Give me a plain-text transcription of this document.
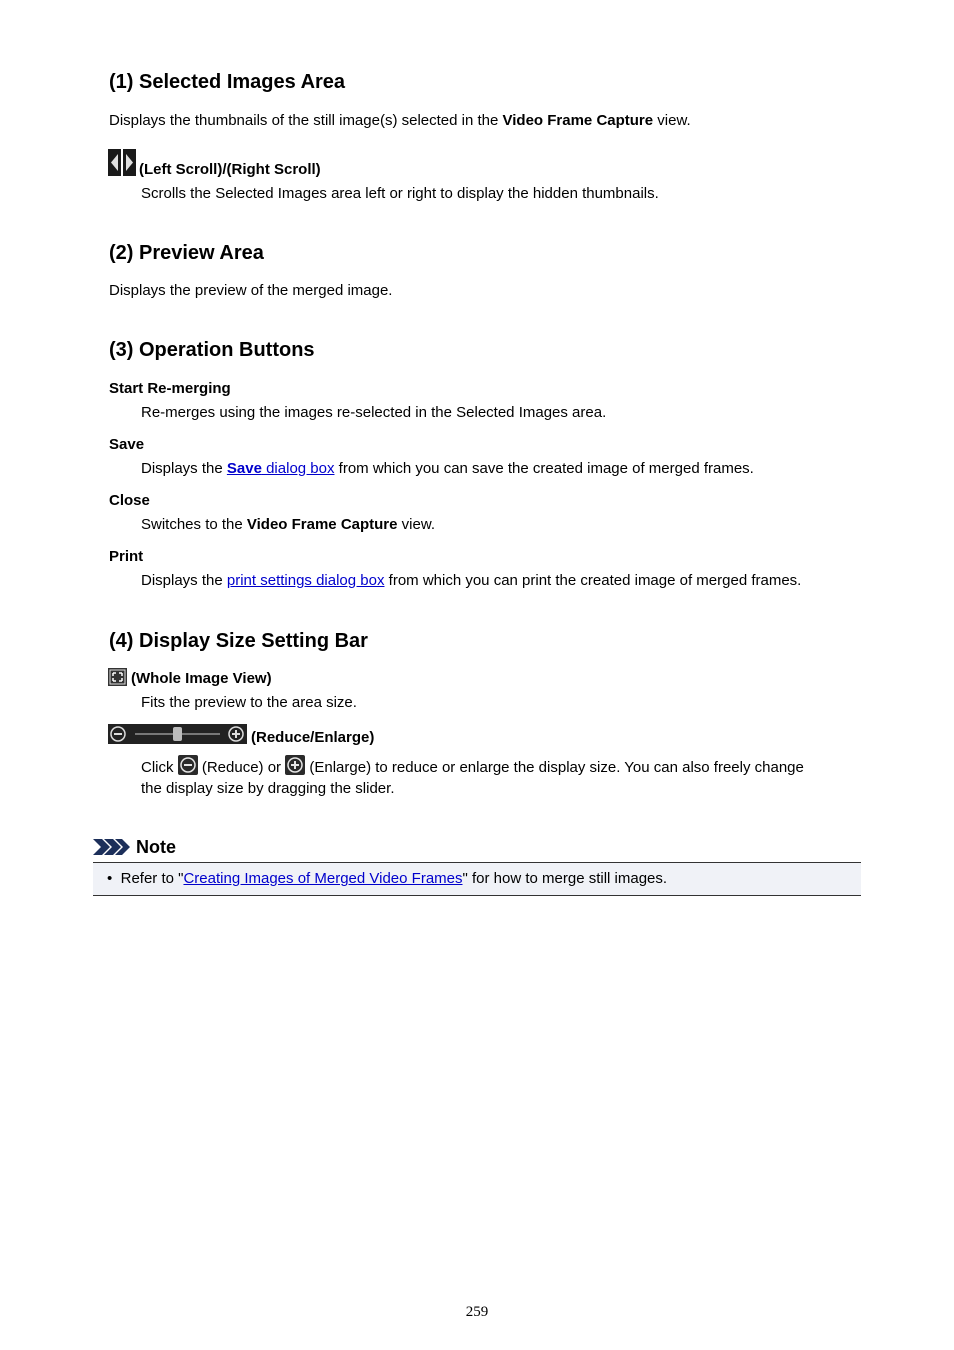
(1) Selected Images Area

Displays the thumbnails of the still image(s) selected in the Video Frame Capture view.

(Left Scroll)/(Right Scroll)

Scrolls the Selected Images area left or right to display the hidden thumbnails.

(2) Preview Area

Displays the preview of the merged image.

(3) Operation Buttons

Start Re-merging

Re-merges using the images re-selected in the Selected Images area.

Save

Displays the Save dialog box from which you can save the created image of merged frames.

Close

Switches to the Video Frame Capture view.

Print

Displays the print settings dialog box from which you can print the created image of merged frames.

(4) Display Size Setting Bar

(Whole Image View)

Fits the preview to the area size.

(Reduce/Enlarge)

Click  (Reduce) or  (Enlarge) to reduce or enlarge the display size. You can also freely change

the display size by dragging the slider.

Note

• Refer to "Creating Images of Merged Video Frames" for how to merge still images.

259
